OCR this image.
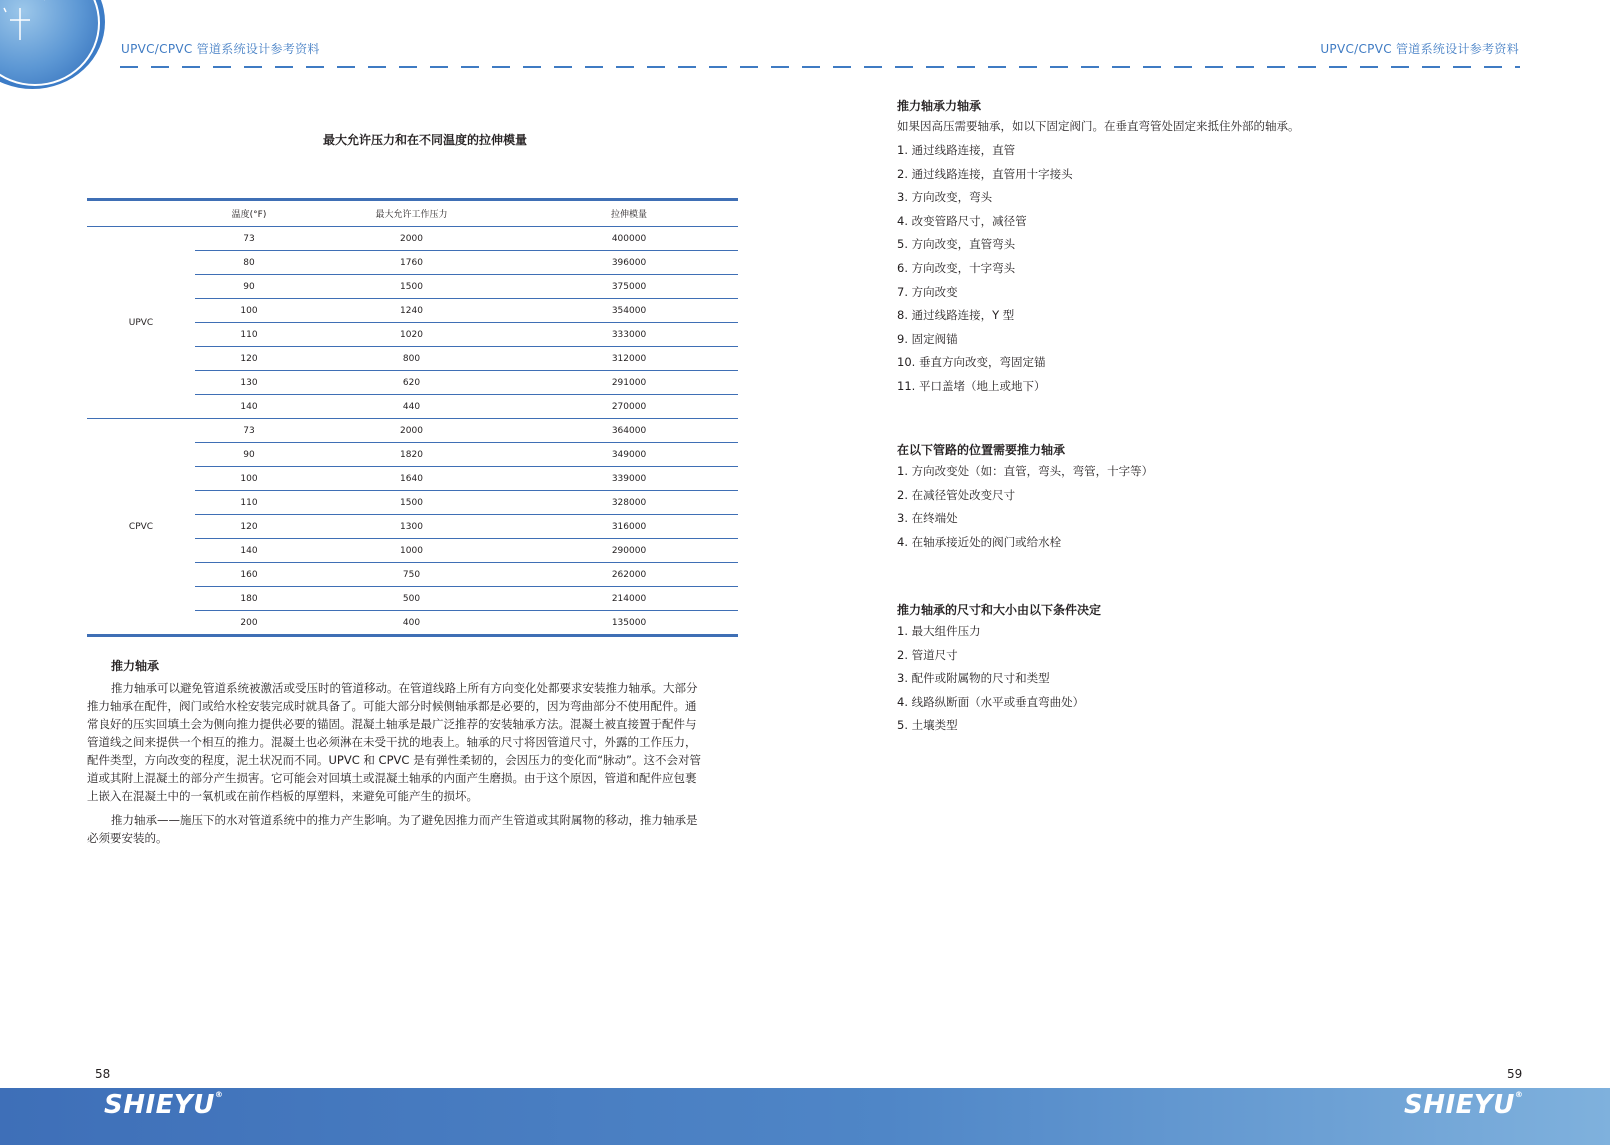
UPVC/CPVC 管道系统设计参考资料	UPVC/CPVC 管道系统设计参考资料
最大允许压力和在不同温度的拉伸模量
	温度(°F)	最大允许工作压力	拉伸模量
UPVC	73	2000	400000
	80	1760	396000
	90	1500	375000
	100	1240	354000
	110	1020	333000
	120	800	312000
	130	620	291000
	140	440	270000
CPVC	73	2000	364000
	90	1820	349000
	100	1640	339000
	110	1500	328000
	120	1300	316000
	140	1000	290000
	160	750	262000
	180	500	214000
	200	400	135000
推力轴承
推力轴承可以避免管道系统被激活或受压时的管道移动。在管道线路上所有方向变化处都要求安装推力轴承。大部分
推力轴承在配件，阀门或给水栓安装完成时就具备了。可能大部分时候侧轴承都是必要的，因为弯曲部分不使用配件。通
常良好的压实回填土会为侧向推力提供必要的锚固。混凝土轴承是最广泛推荐的安装轴承方法。混凝土被直接置于配件与
管道线之间来提供一个相互的推力。混凝土也必须淋在未受干扰的地表上。轴承的尺寸将因管道尺寸，外露的工作压力，
配件类型，方向改变的程度，泥土状况而不同。UPVC 和 CPVC 是有弹性柔韧的，会因压力的变化而“脉动”。这不会对管
道或其附上混凝土的部分产生损害。它可能会对回填土或混凝土轴承的内面产生磨损。由于这个原因，管道和配件应包裹
上嵌入在混凝土中的一氧机或在前作档板的厚塑料，来避免可能产生的损坏。
推力轴承——施压下的水对管道系统中的推力产生影响。为了避免因推力而产生管道或其附属物的移动，推力轴承是
必须要安装的。
推力轴承力轴承
如果因高压需要轴承，如以下固定阀门。在垂直弯管处固定来抵住外部的轴承。
1. 通过线路连接，直管
2. 通过线路连接，直管用十字接头
3. 方向改变，弯头
4. 改变管路尺寸，减径管
5. 方向改变，直管弯头
6. 方向改变，十字弯头
7. 方向改变
8. 通过线路连接，Y 型
9. 固定阀锚
10. 垂直方向改变，弯固定锚
11. 平口盖堵（地上或地下）
在以下管路的位置需要推力轴承
1. 方向改变处（如：直管，弯头，弯管，十字等）
2. 在减径管处改变尺寸
3. 在终端处
4. 在轴承接近处的阀门或给水栓
推力轴承的尺寸和大小由以下条件决定
1. 最大组件压力
2. 管道尺寸
3. 配件或附属物的尺寸和类型
4. 线路纵断面（水平或垂直弯曲处）
5. 土壤类型
58	59
SHIEYU®	SHIEYU®
